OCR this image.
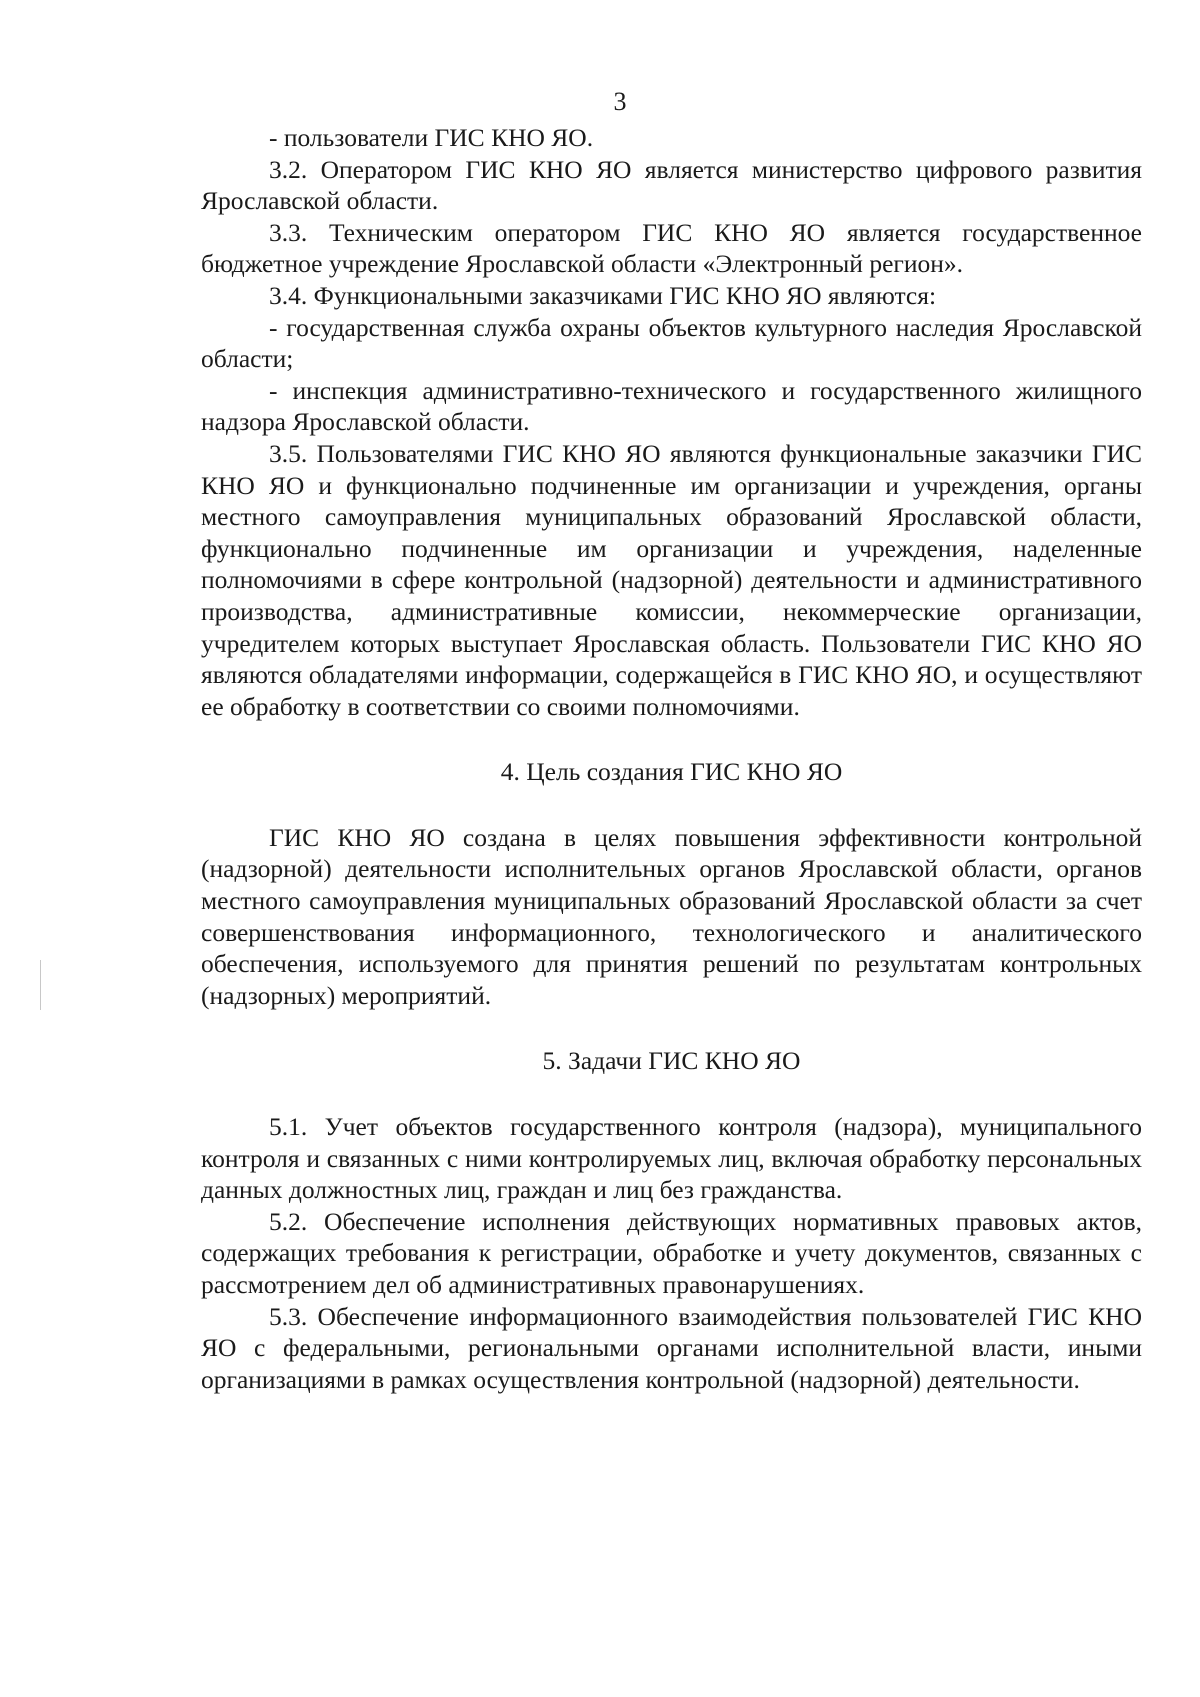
3

- пользователи ГИС КНО ЯО.

3.2. Оператором ГИС КНО ЯО является министерство цифрового развития Ярославской области.

3.3. Техническим оператором ГИС КНО ЯО является государственное бюджетное учреждение Ярославской области «Электронный регион».

3.4. Функциональными заказчиками ГИС КНО ЯО являются:

- государственная служба охраны объектов культурного наследия Ярославской области;

- инспекция административно-технического и государственного жилищного надзора Ярославской области.

3.5. Пользователями ГИС КНО ЯО являются функциональные заказчики ГИС КНО ЯО и функционально подчиненные им организации и учреждения, органы местного самоуправления муниципальных образований Ярославской области, функционально подчиненные им организации и учреждения, наделенные полномочиями в сфере контрольной (надзорной) деятельности и административного производства, административные комиссии, некоммерческие организации, учредителем которых выступает Ярославская область. Пользователи ГИС КНО ЯО являются обладателями информации, содержащейся в ГИС КНО ЯО, и осуществляют ее обработку в соответствии со своими полномочиями.

4. Цель создания ГИС КНО ЯО

ГИС КНО ЯО создана в целях повышения эффективности контрольной (надзорной) деятельности исполнительных органов Ярославской области, органов местного самоуправления муниципальных образований Ярославской области за счет совершенствования информационного, технологического и аналитического обеспечения, используемого для принятия решений по результатам контрольных (надзорных) мероприятий.

5. Задачи ГИС КНО ЯО

5.1. Учет объектов государственного контроля (надзора), муниципального контроля и связанных с ними контролируемых лиц, включая обработку персональных данных должностных лиц, граждан и лиц без гражданства.

5.2. Обеспечение исполнения действующих нормативных правовых актов, содержащих требования к регистрации, обработке и учету документов, связанных с рассмотрением дел об административных правонарушениях.

5.3. Обеспечение информационного взаимодействия пользователей ГИС КНО ЯО с федеральными, региональными органами исполнительной власти, иными организациями в рамках осуществления контрольной (надзорной) деятельности.
